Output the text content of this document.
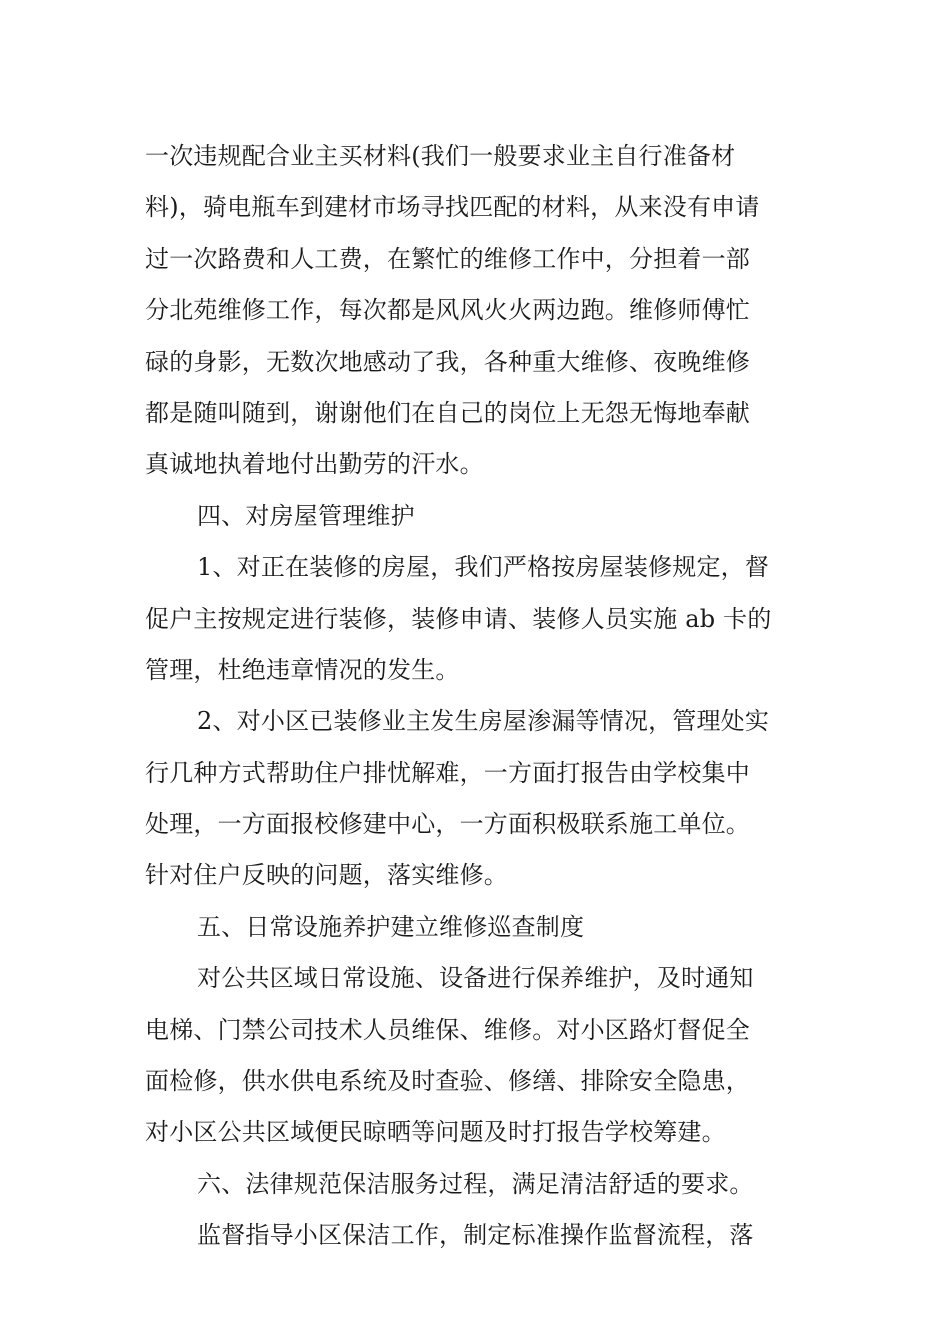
一次违规配合业主买材料(我们一般要求业主自行准备材
料)，骑电瓶车到建材市场寻找匹配的材料，从来没有申请
过一次路费和人工费，在繁忙的维修工作中，分担着一部
分北苑维修工作，每次都是风风火火两边跑。维修师傅忙
碌的身影，无数次地感动了我，各种重大维修、夜晚维修
都是随叫随到，谢谢他们在自己的岗位上无怨无悔地奉献
真诚地执着地付出勤劳的汗水。
四、对房屋管理维护
1、对正在装修的房屋，我们严格按房屋装修规定，督
促户主按规定进行装修，装修申请、装修人员实施 ab 卡的
管理，杜绝违章情况的发生。
2、对小区已装修业主发生房屋渗漏等情况，管理处实
行几种方式帮助住户排忧解难，一方面打报告由学校集中
处理，一方面报校修建中心，一方面积极联系施工单位。
针对住户反映的问题，落实维修。
五、日常设施养护建立维修巡查制度
对公共区域日常设施、设备进行保养维护，及时通知
电梯、门禁公司技术人员维保、维修。对小区路灯督促全
面检修，供水供电系统及时查验、修缮、排除安全隐患，
对小区公共区域便民晾晒等问题及时打报告学校筹建。
六、法律规范保洁服务过程，满足清洁舒适的要求。
监督指导小区保洁工作，制定标准操作监督流程，落
